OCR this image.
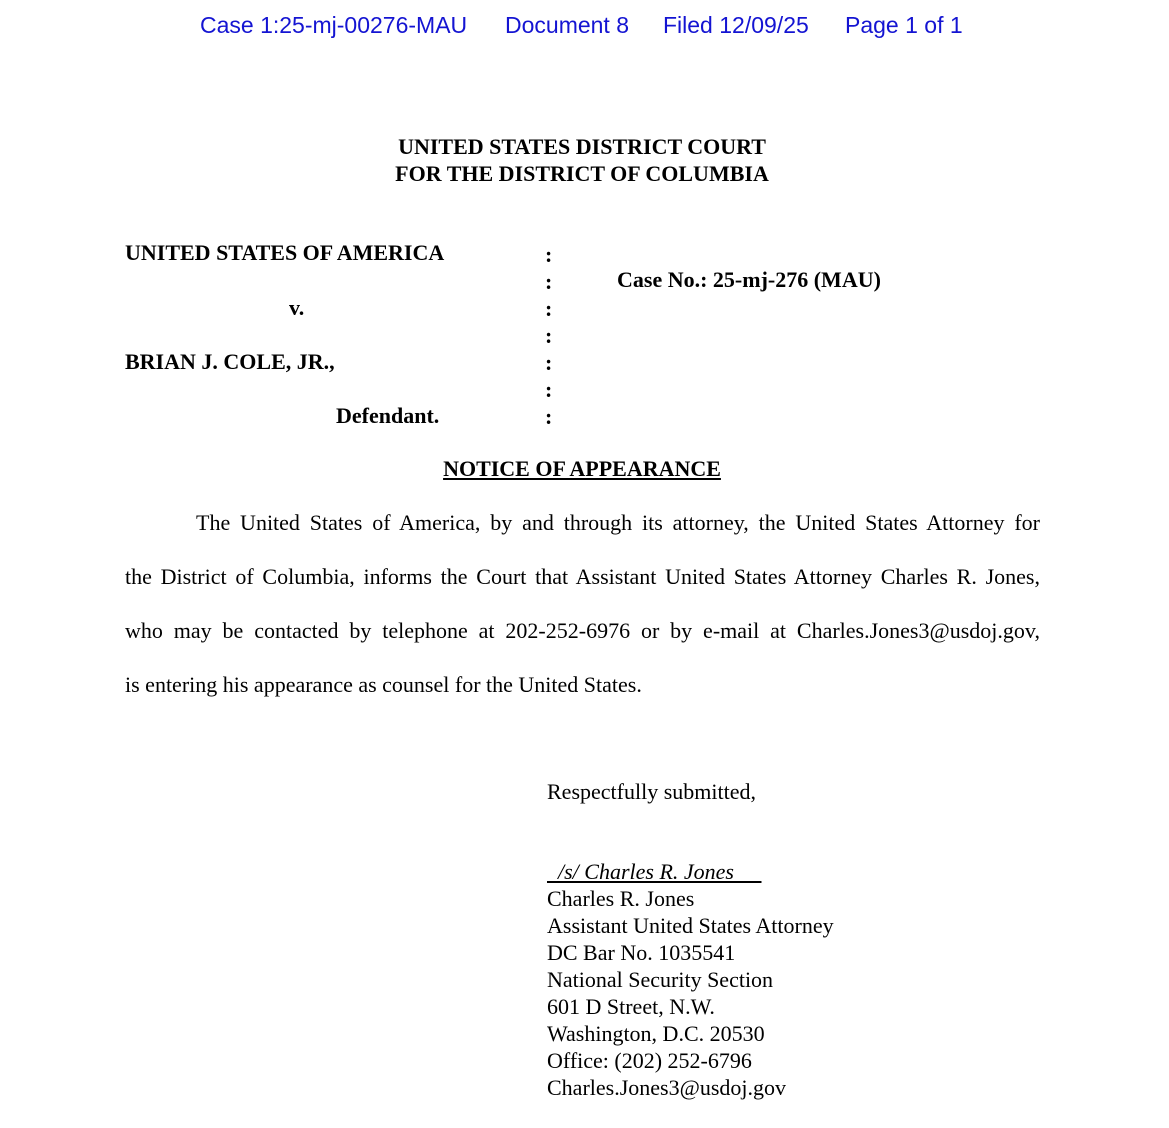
Case 1:25-mj-00276-MAU

Document 8

Filed 12/09/25

Page 1 of 1

UNITED STATES DISTRICT COURT
FOR THE DISTRICT OF COLUMBIA
UNITED STATES OF AMERICA
v.
BRIAN J. COLE, JR.,
Defendant.
Case No.: 25-mj-276 (MAU)
:
:
:
:
:
:
:
NOTICE OF APPEARANCE
The United States of America, by and through its attorney, the United States Attorney for
the District of Columbia, informs the Court that Assistant United States Attorney Charles R. Jones,
who may be contacted by telephone at 202-252-6976 or by e-mail at Charles.Jones3@usdoj.gov,
is entering his appearance as counsel for the United States.
Respectfully submitted,
/s/ Charles R. Jones
Charles R. Jones
Assistant United States Attorney
DC Bar No. 1035541
National Security Section
601 D Street, N.W.
Washington, D.C. 20530
Office: (202) 252-6796
Charles.Jones3@usdoj.gov
